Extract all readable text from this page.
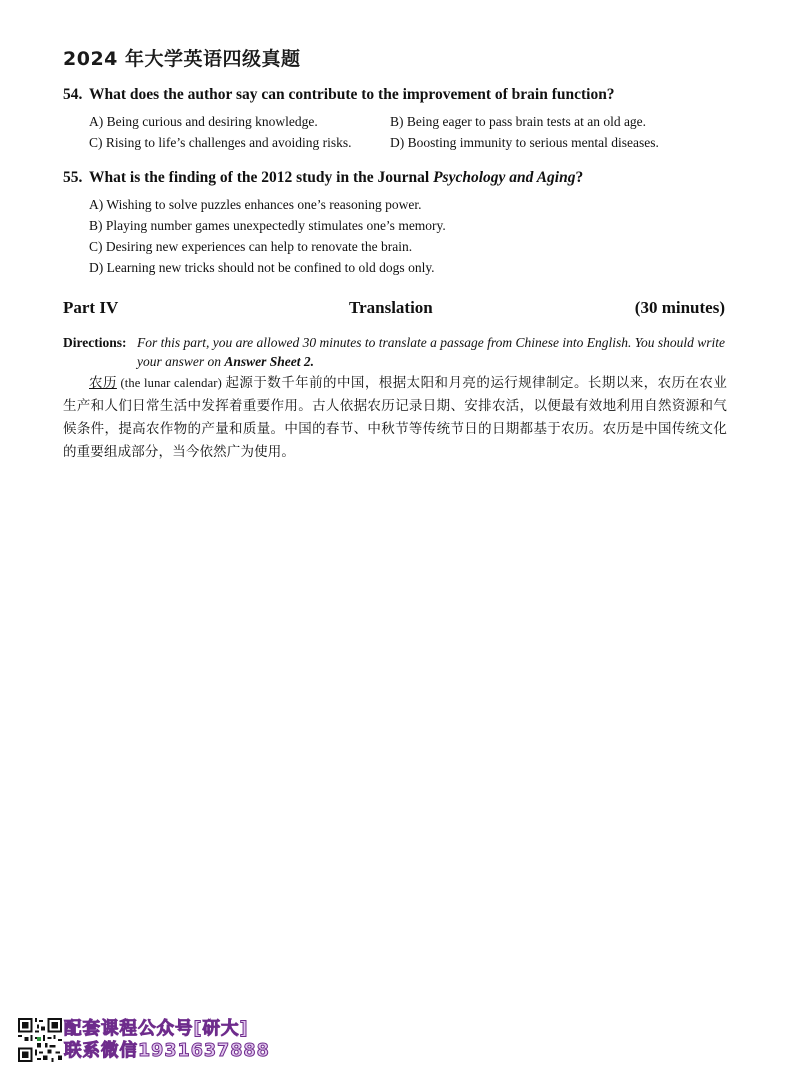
2024 年大学英语四级真题
54. What does the author say can contribute to the improvement of brain function?
A) Being curious and desiring knowledge.	B) Being eager to pass brain tests at an old age.
C) Rising to life’s challenges and avoiding risks.	D) Boosting immunity to serious mental diseases.
55. What is the finding of the 2012 study in the Journal Psychology and Aging?
A) Wishing to solve puzzles enhances one’s reasoning power.
B) Playing number games unexpectedly stimulates one’s memory.
C) Desiring new experiences can help to renovate the brain.
D) Learning new tricks should not be confined to old dogs only.
Part IV	Translation	(30 minutes)
Directions: For this part, you are allowed 30 minutes to translate a passage from Chinese into English. You should write your answer on Answer Sheet 2.
农历 (the lunar calendar) 起源于数千年前的中国，根据太阳和月亮的运行规律制定。长期以来，农历在农业生产和人们日常生活中发挥着重要作用。古人依据农历记录日期、安排农活，以便最有效地利用自然资源和气候条件，提高农作物的产量和质量。中国的春节、中秋节等传统节日的日期都基于农历。农历是中国传统文化的重要组成部分，当今依然广为使用。
配套课程公众号[研大]
联系微信1931637888
